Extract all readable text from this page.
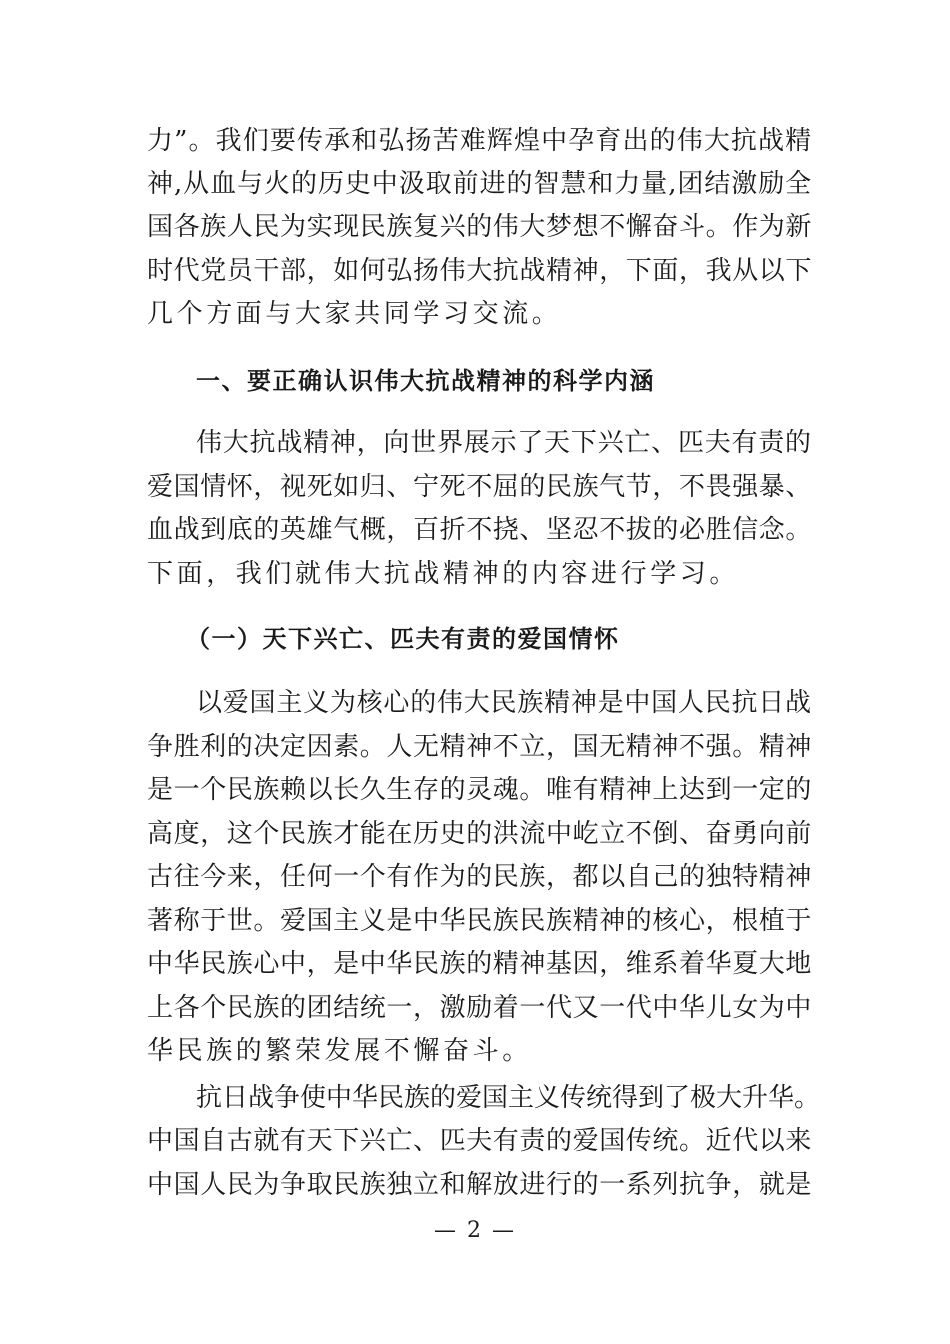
力”。我们要传承和弘扬苦难辉煌中孕育出的伟大抗战精
神,从血与火的历史中汲取前进的智慧和力量,团结激励全
国各族人民为实现民族复兴的伟大梦想不懈奋斗。作为新
时代党员干部，如何弘扬伟大抗战精神，下面，我从以下
几个方面与大家共同学习交流。
一、要正确认识伟大抗战精神的科学内涵
伟大抗战精神，向世界展示了天下兴亡、匹夫有责的
爱国情怀，视死如归、宁死不屈的民族气节，不畏强暴、
血战到底的英雄气概，百折不挠、坚忍不拔的必胜信念。
下面，我们就伟大抗战精神的内容进行学习。
（一）天下兴亡、匹夫有责的爱国情怀
以爱国主义为核心的伟大民族精神是中国人民抗日战
争胜利的决定因素。人无精神不立，国无精神不强。精神
是一个民族赖以长久生存的灵魂。唯有精神上达到一定的
高度，这个民族才能在历史的洪流中屹立不倒、奋勇向前
古往今来，任何一个有作为的民族，都以自己的独特精神
著称于世。爱国主义是中华民族民族精神的核心，根植于
中华民族心中，是中华民族的精神基因，维系着华夏大地
上各个民族的团结统一，激励着一代又一代中华儿女为中
华民族的繁荣发展不懈奋斗。
抗日战争使中华民族的爱国主义传统得到了极大升华。
中国自古就有天下兴亡、匹夫有责的爱国传统。近代以来
中国人民为争取民族独立和解放进行的一系列抗争，就是
— 2 —
